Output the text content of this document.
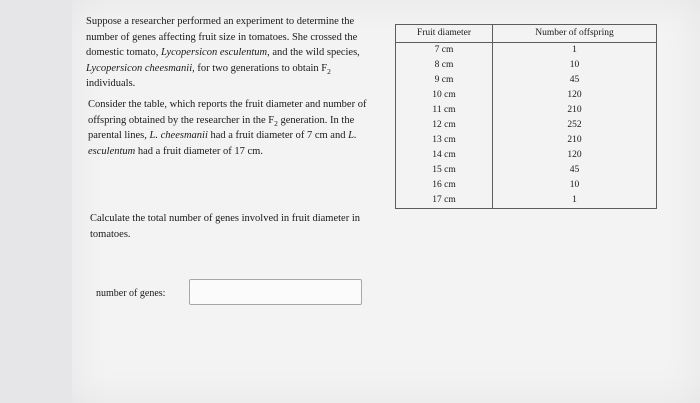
Suppose a researcher performed an experiment to determine the number of genes affecting fruit size in tomatoes. She crossed the domestic tomato, Lycopersicon esculentum, and the wild species, Lycopersicon cheesmanii, for two generations to obtain $F_2$ individuals.
Consider the table, which reports the fruit diameter and number of offspring obtained by the researcher in the $F_2$ generation. In the parental lines, L. cheesmanii had a fruit diameter of 7 cm and L. esculentum had a fruit diameter of 17 cm.
Calculate the total number of genes involved in fruit diameter in tomatoes.
number of genes:
Fruit diameter	Number of offspring
7 cm	1
8 cm	10
9 cm	45
10 cm	120
11 cm	210
12 cm	252
13 cm	210
14 cm	120
15 cm	45
16 cm	10
17 cm	1
